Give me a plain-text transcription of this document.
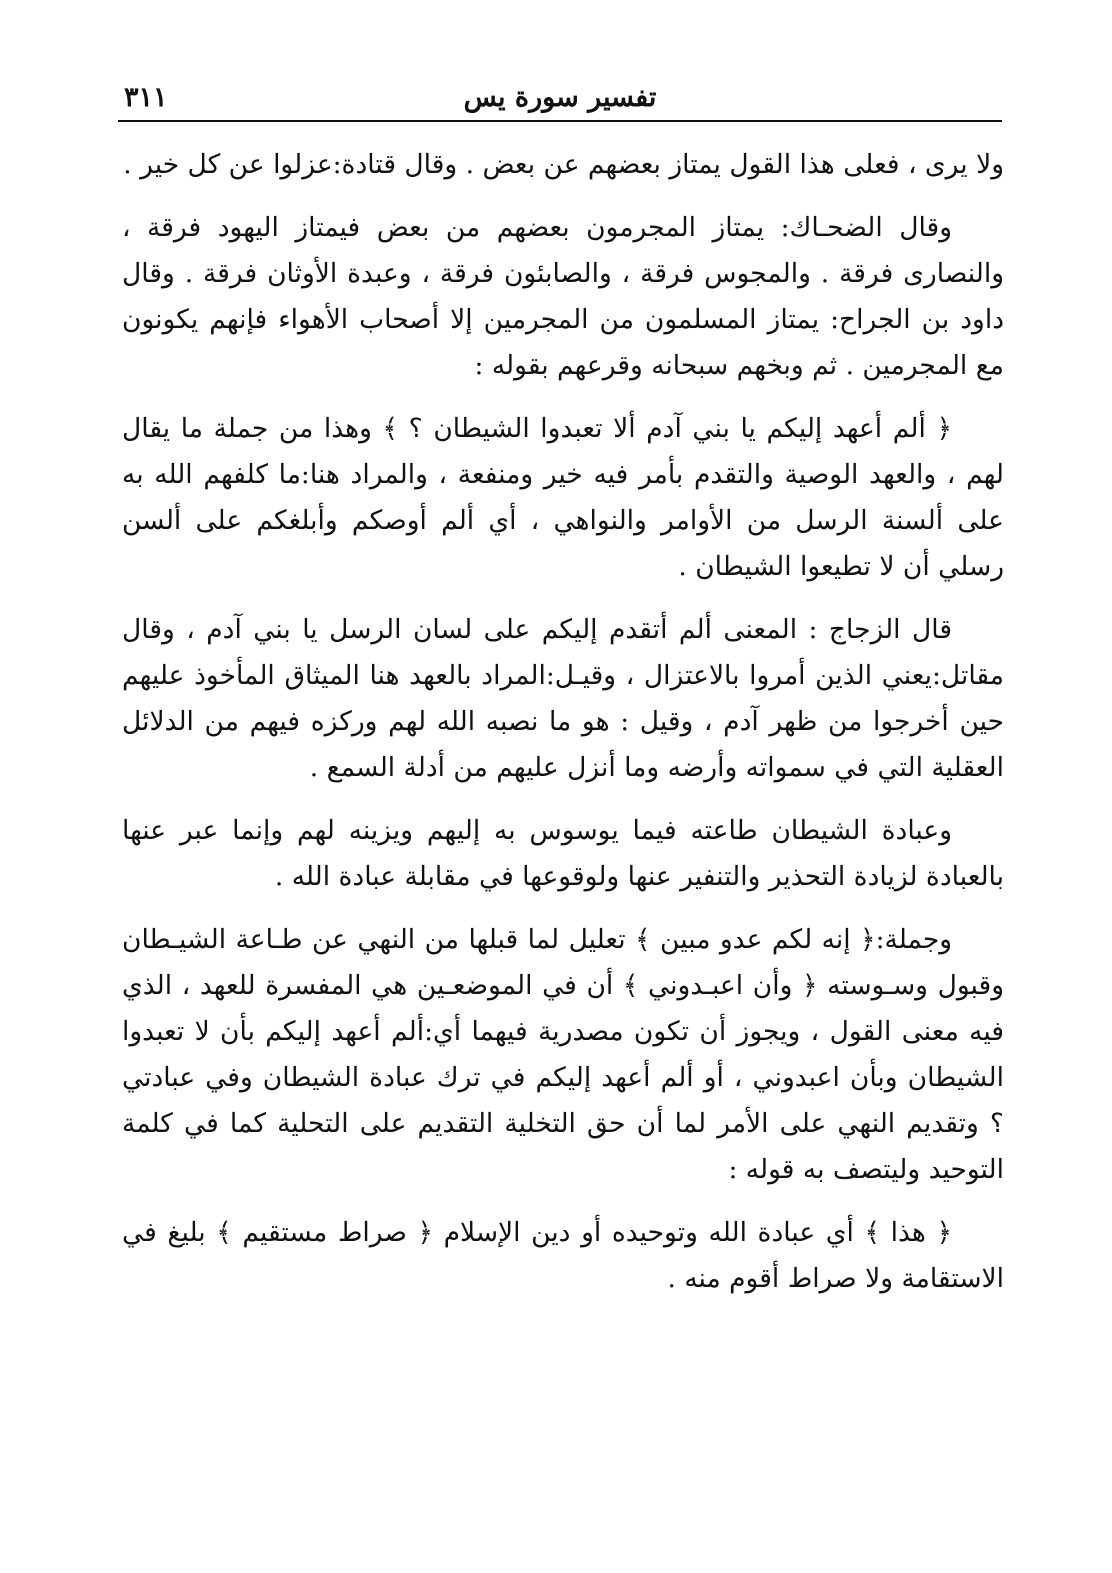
٣١١	تفسير سورة يس

ولا يرى ، فعلى هذا القول يمتاز بعضهم عن بعض . وقال قتادة:عزلوا عن كل خير .

وقال الضحـاك: يمتاز المجرمون بعضهم من بعض فيمتاز اليهود فرقة ، والنصارى فرقة . والمجوس فرقة ، والصابئون فرقة ، وعبدة الأوثان فرقة . وقال داود بن الجراح: يمتاز المسلمون من المجرمين إلا أصحاب الأهواء فإنهم يكونون مع المجرمين . ثم وبخهم سبحانه وقرعهم بقوله :

﴿ ألم أعهد إليكم يا بني آدم ألا تعبدوا الشيطان ؟ ﴾ وهذا من جملة ما يقال لهم ، والعهد الوصية والتقدم بأمر فيه خير ومنفعة ، والمراد هنا:ما كلفهم الله به على ألسنة الرسل من الأوامر والنواهي ، أي ألم أوصكم وأبلغكم على ألسن رسلي أن لا تطيعوا الشيطان .

قال الزجاج : المعنى ألم أتقدم إليكم على لسان الرسل يا بني آدم ، وقال مقاتل:يعني الذين أمروا بالاعتزال ، وقيـل:المراد بالعهد هنا الميثاق المأخوذ عليهم حين أخرجوا من ظهر آدم ، وقيل : هو ما نصبه الله لهم وركزه فيهم من الدلائل العقلية التي في سمواته وأرضه وما أنزل عليهم من أدلة السمع .

وعبادة الشيطان طاعته فيما يوسوس به إليهم ويزينه لهم وإنما عبر عنها بالعبادة لزيادة التحذير والتنفير عنها ولوقوعها في مقابلة عبادة الله .

وجملة:﴿ إنه لكم عدو مبين ﴾ تعليل لما قبلها من النهي عن طـاعة الشيـطان وقبول وسـوسته ﴿ وأن اعبـدوني ﴾ أن في الموضعـين هي المفسرة للعهد ، الذي فيه معنى القول ، ويجوز أن تكون مصدرية فيهما أي:ألم أعهد إليكم بأن لا تعبدوا الشيطان وبأن اعبدوني ، أو ألم أعهد إليكم في ترك عبادة الشيطان وفي عبادتي ؟ وتقديم النهي على الأمر لما أن حق التخلية التقديم على التحلية كما في كلمة التوحيد وليتصف به قوله :

﴿ هذا ﴾ أي عبادة الله وتوحيده أو دين الإسلام ﴿ صراط مستقيم ﴾ بليغ في الاستقامة ولا صراط أقوم منه .
